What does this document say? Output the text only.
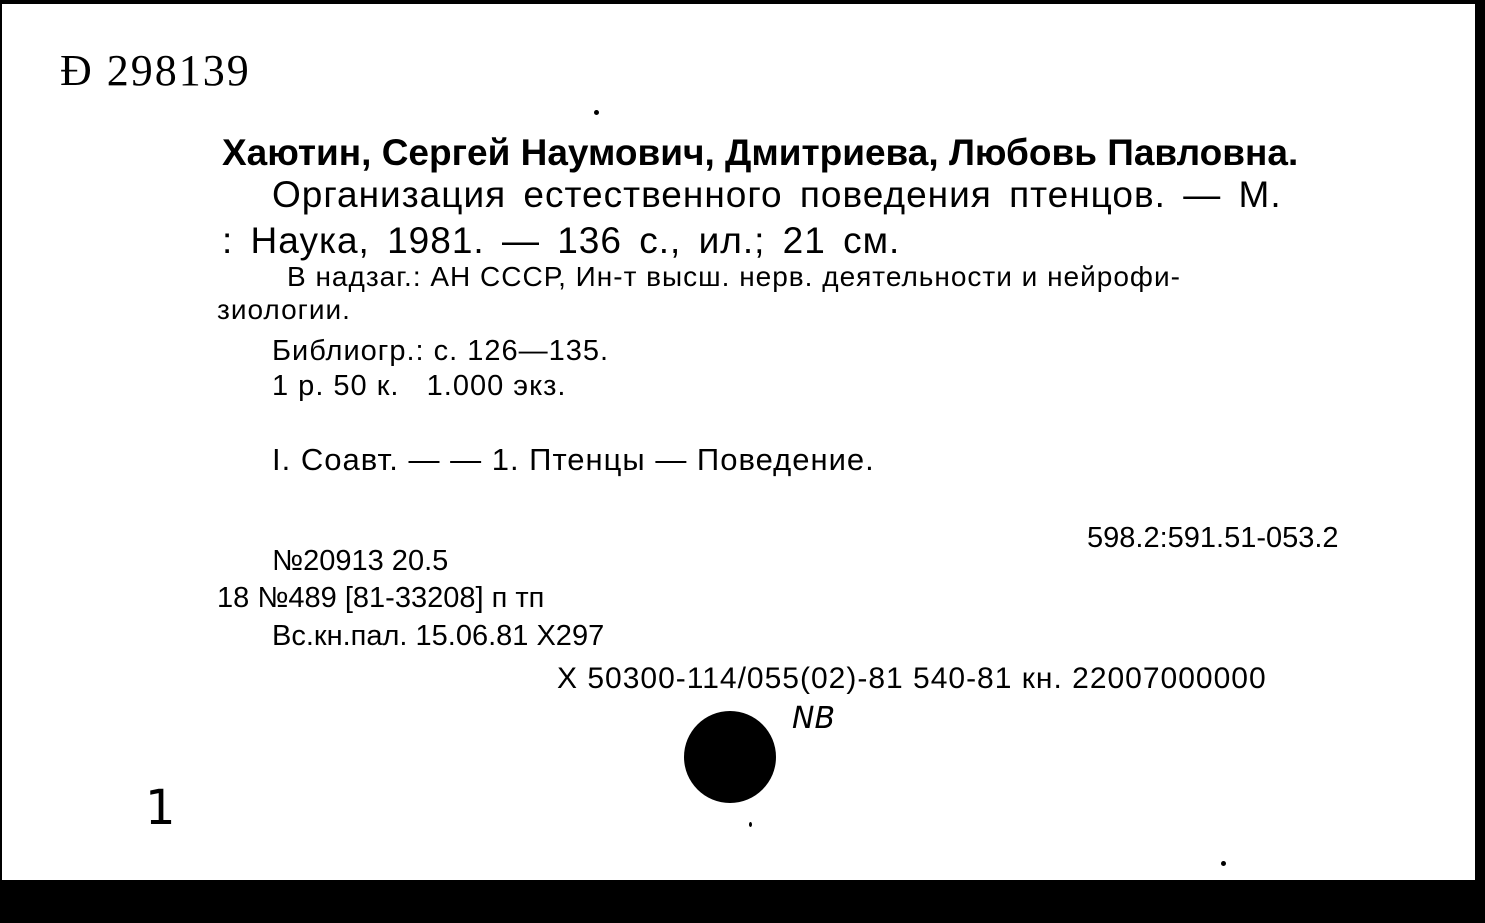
Ð 298139
Хаютин, Сергей Наумович, Дмитриева, Любовь Павловна.
Организация естественного поведения птенцов. — М.
: Наука, 1981. — 136 с., ил.; 21 см.
В надзаг.: АН СССР, Ин-т высш. нерв. деятельности и нейрофи-
зиологии.
Библиогр.: с. 126—135.
1 р. 50 к.   1.000 экз.
I. Соавт. — — 1. Птенцы — Поведение.
598.2:591.51-053.2
№20913 20.5
18 №489 [81-33208] п тп
Вс.кн.пал. 15.06.81 Х297
Х 50300-114/055(02)-81 540-81 кн. 22007000000
NB
1
